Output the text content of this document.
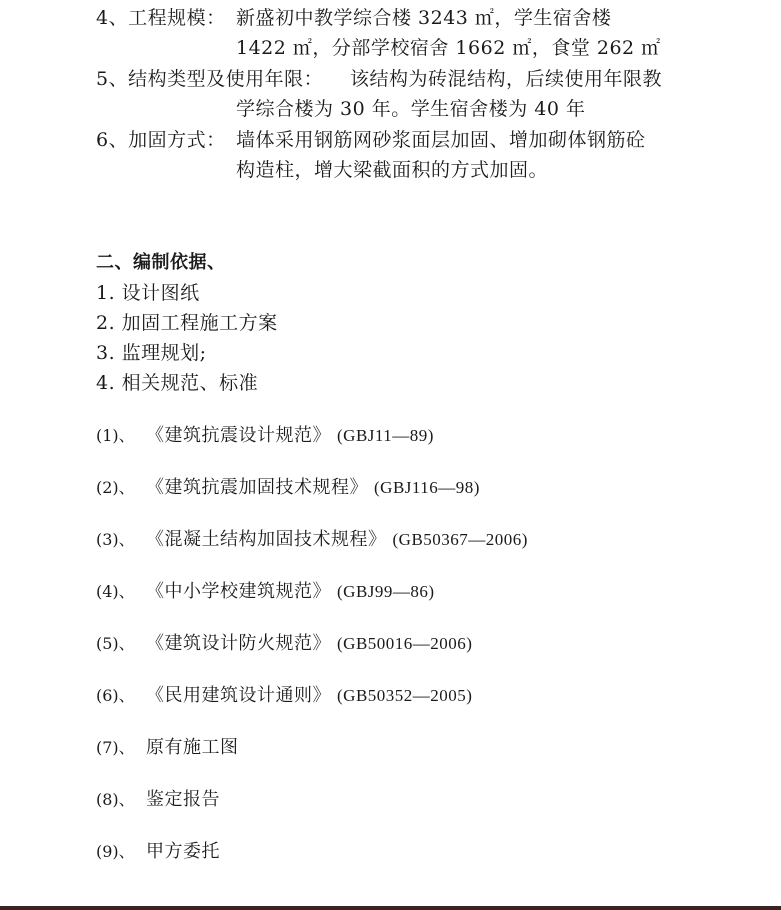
4、工程规模： 新盛初中教学综合楼 3243 ㎡，学生宿舍楼
1422 ㎡，分部学校宿舍 1662 ㎡，食堂 262 ㎡
5、结构类型及使用年限： 该结构为砖混结构，后续使用年限教
学综合楼为 30 年。学生宿舍楼为 40 年
6、加固方式： 墙体采用钢筋网砂浆面层加固、增加砌体钢筋砼
构造柱，增大梁截面积的方式加固。
二、编制依据、
1. 设计图纸
2. 加固工程施工方案
3. 监理规划;
4. 相关规范、标准
(1)、 《建筑抗震设计规范》 (GBJ11—89)
(2)、 《建筑抗震加固技术规程》 (GBJ116—98)
(3)、 《混凝土结构加固技术规程》 (GB50367—2006)
(4)、 《中小学校建筑规范》 (GBJ99—86)
(5)、 《建筑设计防火规范》 (GB50016—2006)
(6)、 《民用建筑设计通则》 (GB50352—2005)
(7)、 原有施工图
(8)、 鉴定报告
(9)、 甲方委托
